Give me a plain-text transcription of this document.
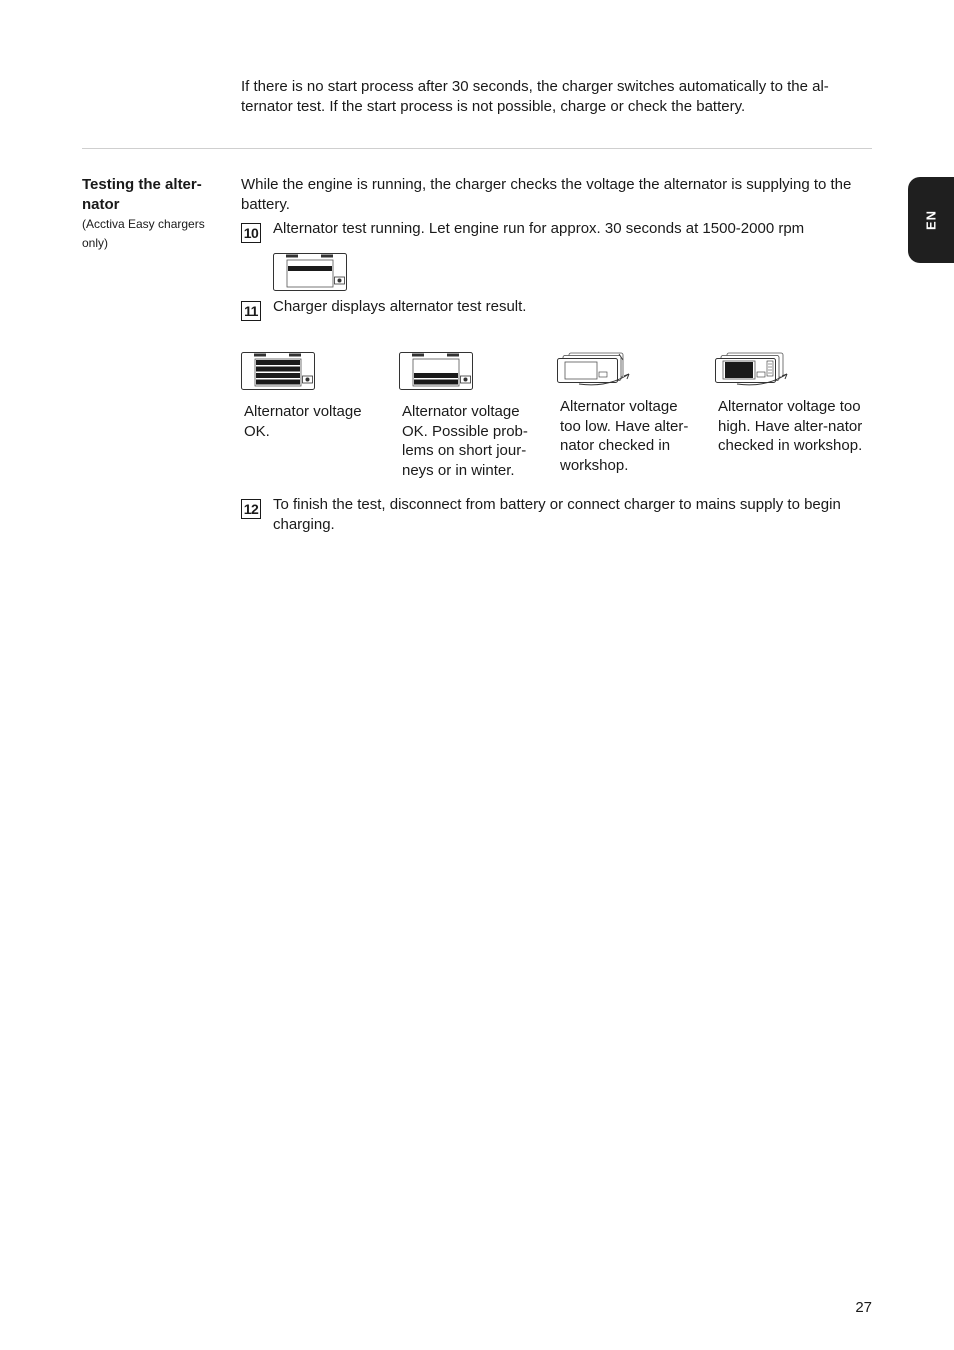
If there is no start process after 30 seconds, the charger switches automatically to the al-ternator test. If the start process is not possible, charge or check the battery.
Testing the alter-nator
(Acctiva Easy chargers only)
While the engine is running, the charger checks the voltage the alternator is supplying to the battery.
10 Alternator test running. Let engine run for approx. 30 seconds at 1500-2000 rpm
11 Charger displays alternator test result.
Alternator voltage OK.
Alternator voltage OK. Possible prob-lems on short jour-neys or in winter.
Alternator voltage too low. Have alter-nator checked in workshop.
Alternator voltage too high. Have alter-nator checked in workshop.
12 To finish the test, disconnect from battery or connect charger to mains supply to begin charging.
EN
27
